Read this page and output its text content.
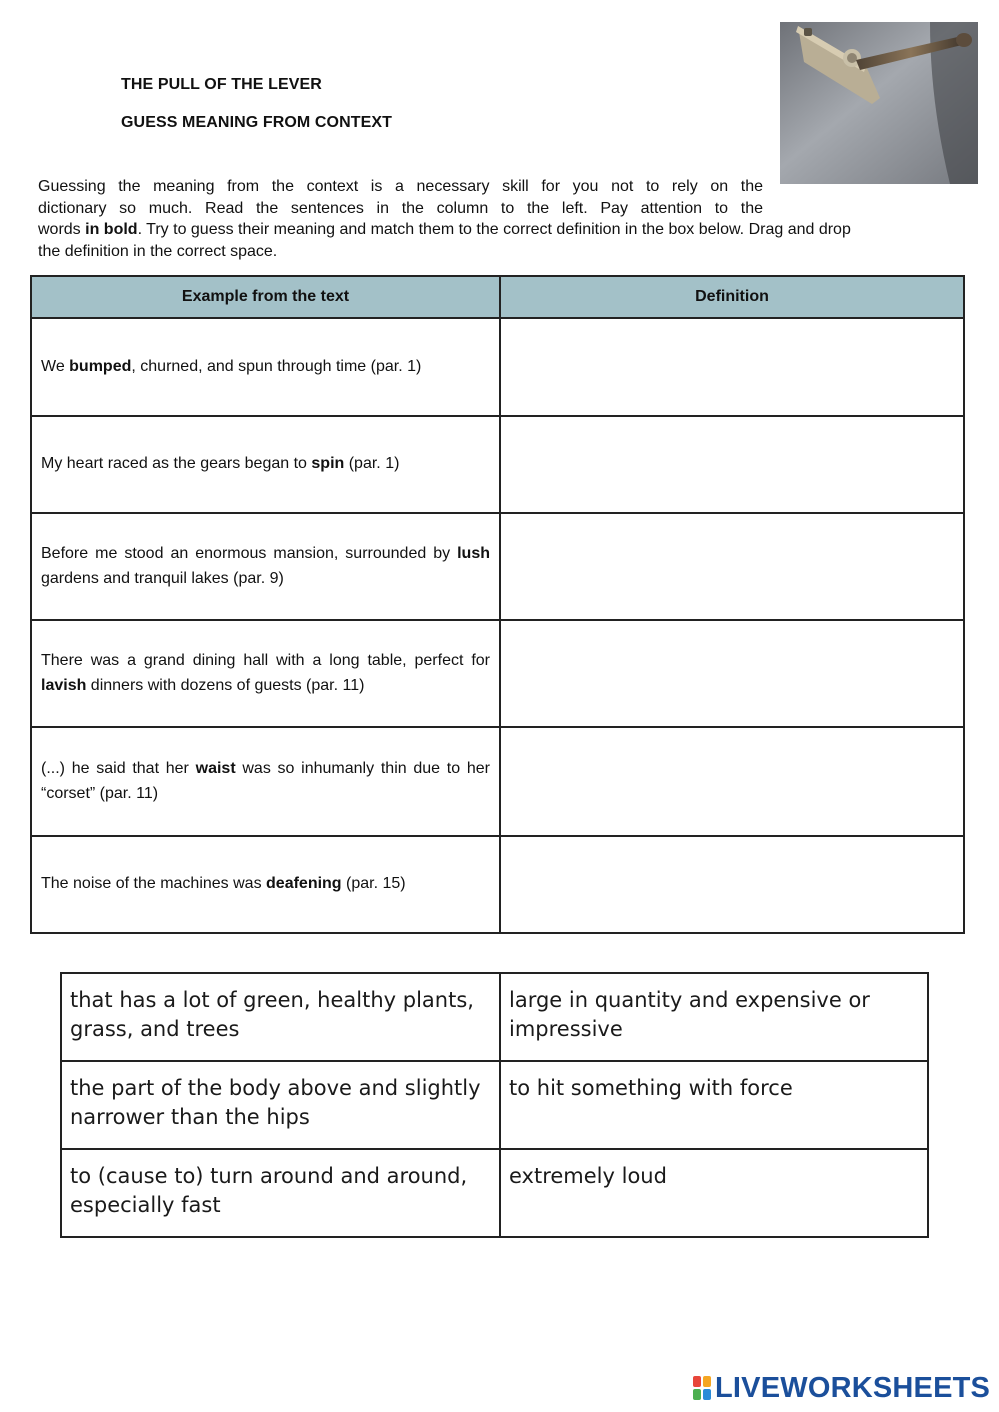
THE PULL OF THE LEVER
GUESS MEANING FROM CONTEXT
Guessing the meaning from the context is a necessary skill for you not to rely on the
dictionary so much. Read the sentences in the column to the left. Pay attention to the
words in bold. Try to guess their meaning and match them to the correct definition in the box below. Drag and drop
the definition in the correct space.
Example from the text	Definition
We bumped, churned, and spun through time (par. 1)	

My heart raced as the gears began to spin (par. 1)	

Before me stood an enormous mansion, surrounded by lush gardens and tranquil lakes (par. 9)	

There was a grand dining hall with a long table, perfect for lavish dinners with dozens of guests (par. 11)	

(...) he said that her waist was so inhumanly thin due to her “corset” (par. 11)	

The noise of the machines was deafening (par. 15)	
that has a lot of green, healthy plants, grass, and trees	large in quantity and expensive or impressive
the part of the body above and slightly narrower than the hips	to hit something with force
to (cause to) turn around and around, especially fast	extremely loud
LIVEWORKSHEETS
